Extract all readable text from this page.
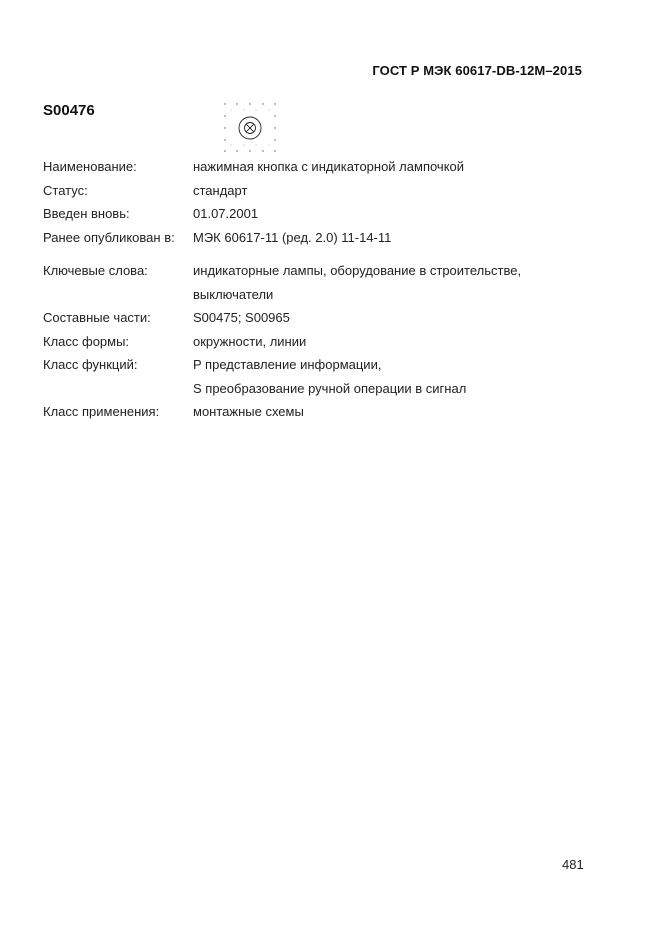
ГОСТ Р МЭК 60617-DB-12M–2015
S00476
Наименование:	нажимная кнопка с индикаторной лампочкой
Статус:	стандарт
Введен вновь:	01.07.2001
Ранее опубликован в:	МЭК 60617-11 (ред. 2.0) 11-14-11
Ключевые слова:	индикаторные лампы, оборудование в строительстве,
выключатели
Составные части:	S00475; S00965
Класс формы:	окружности, линии
Класс функций:	P представление информации,
S преобразование ручной операции в сигнал
Класс применения:	монтажные схемы
481
